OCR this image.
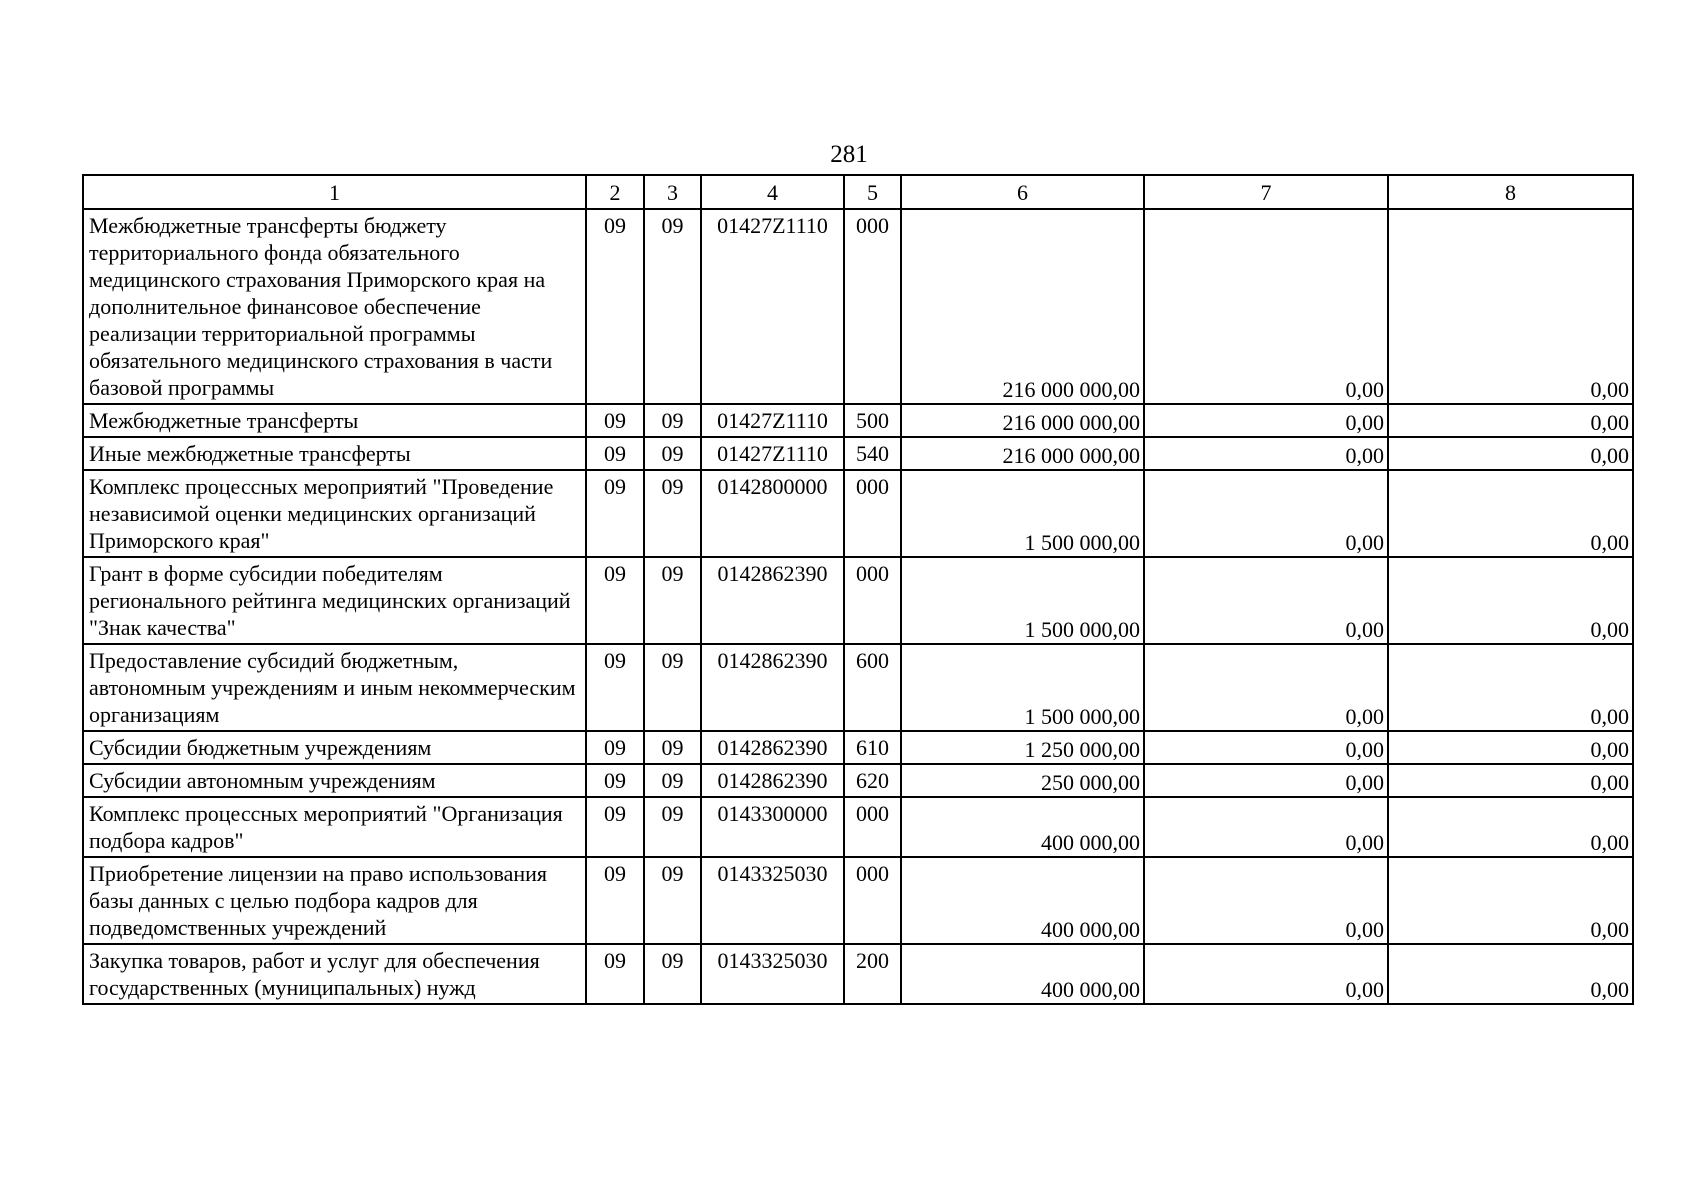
281
1	2	3	4	5	6	7	8
Межбюджетные трансферты бюджету территориального фонда обязательного медицинского страхования Приморского края на дополнительное финансовое обеспечение реализации территориальной программы обязательного медицинского страхования в части базовой программы	09	09	01427Z1110	000	216 000 000,00	0,00	0,00
Межбюджетные трансферты	09	09	01427Z1110	500	216 000 000,00	0,00	0,00
Иные межбюджетные трансферты	09	09	01427Z1110	540	216 000 000,00	0,00	0,00
Комплекс процессных мероприятий "Проведение независимой оценки медицинских организаций Приморского края"	09	09	0142800000	000	1 500 000,00	0,00	0,00
Грант в форме субсидии победителям регионального рейтинга медицинских организаций "Знак качества"	09	09	0142862390	000	1 500 000,00	0,00	0,00
Предоставление субсидий бюджетным, автономным учреждениям и иным некоммерческим организациям	09	09	0142862390	600	1 500 000,00	0,00	0,00
Субсидии бюджетным учреждениям	09	09	0142862390	610	1 250 000,00	0,00	0,00
Субсидии автономным учреждениям	09	09	0142862390	620	250 000,00	0,00	0,00
Комплекс процессных мероприятий "Организация подбора кадров"	09	09	0143300000	000	400 000,00	0,00	0,00
Приобретение лицензии на право использования базы данных с целью подбора кадров для подведомственных учреждений	09	09	0143325030	000	400 000,00	0,00	0,00
Закупка товаров, работ и услуг для обеспечения государственных (муниципальных) нужд	09	09	0143325030	200	400 000,00	0,00	0,00
